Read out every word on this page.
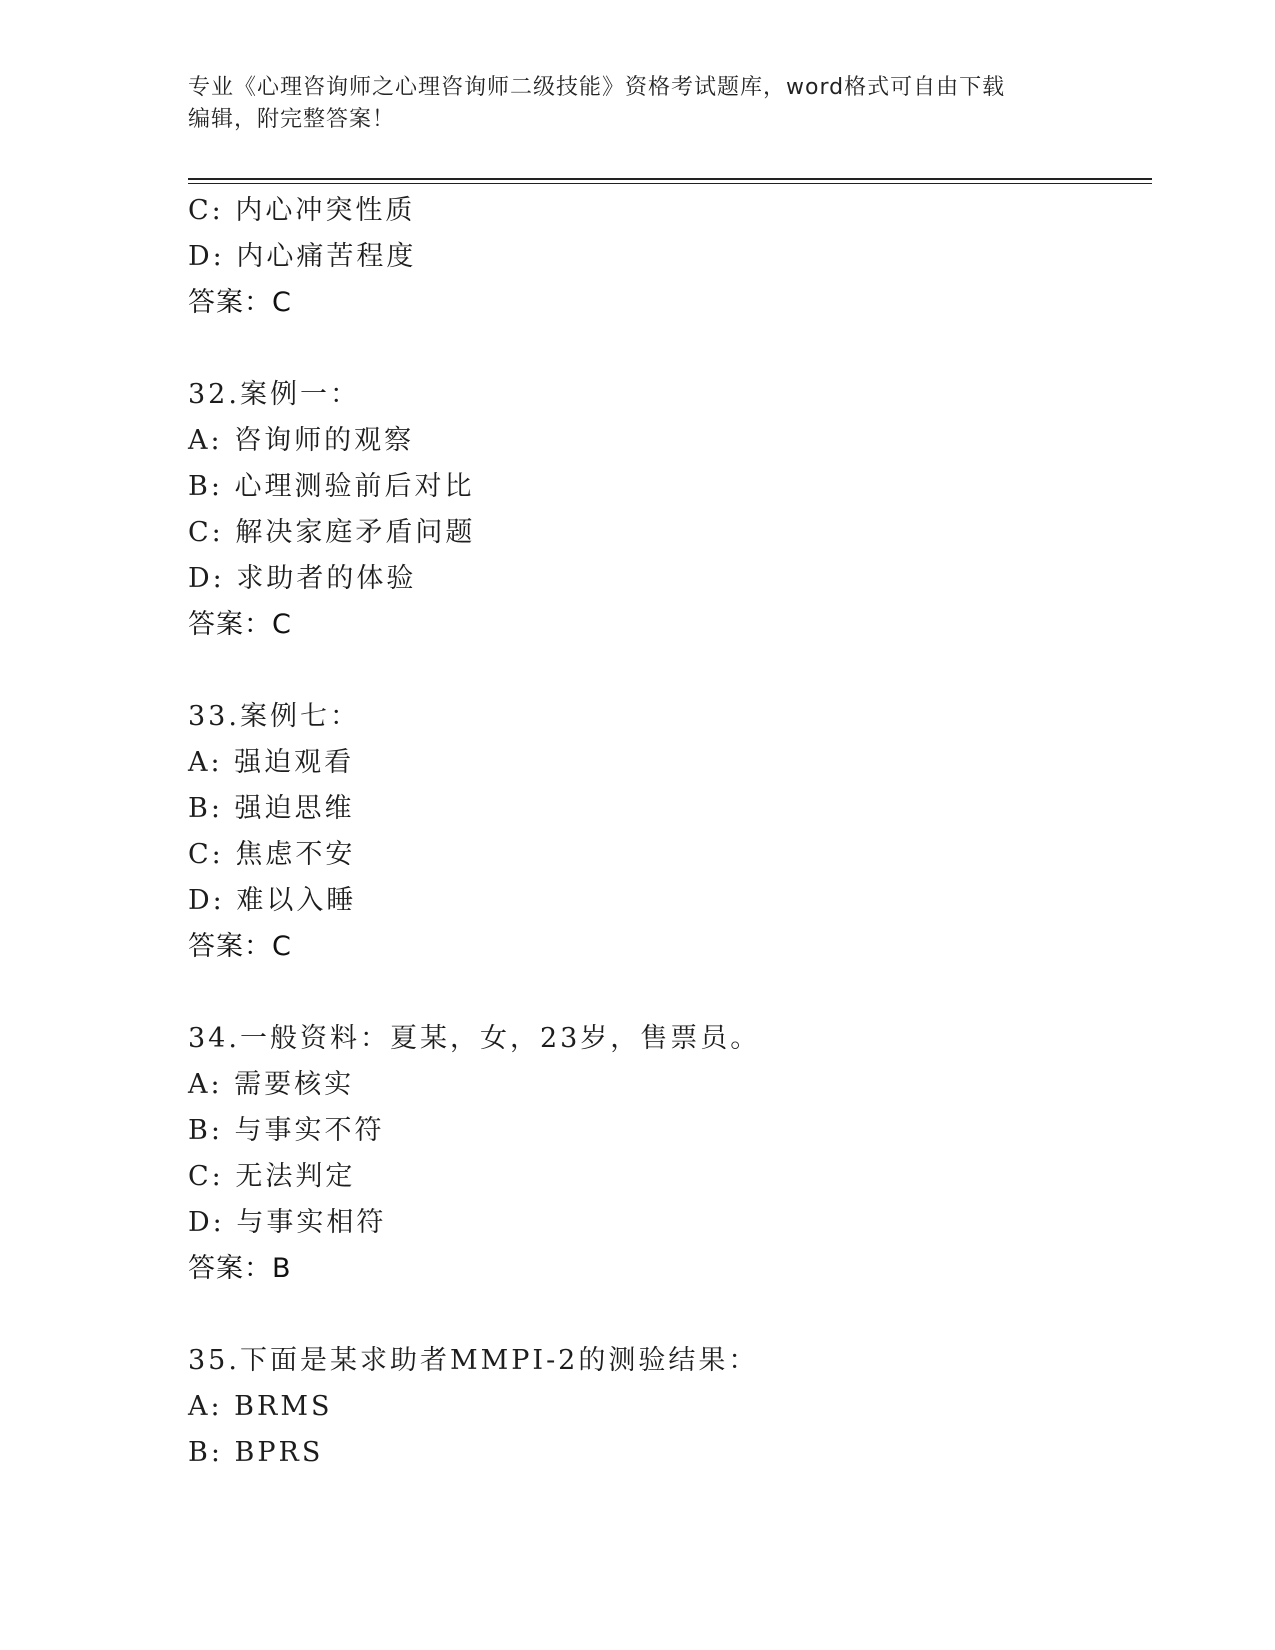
专业《心理咨询师之心理咨询师二级技能》资格考试题库，word格式可自由下载
编辑，附完整答案！
C: 内心冲突性质
D: 内心痛苦程度
答案：C
32.案例一：
A: 咨询师的观察
B: 心理测验前后对比
C: 解决家庭矛盾问题
D: 求助者的体验
答案：C
33.案例七：
A: 强迫观看
B: 强迫思维
C: 焦虑不安
D: 难以入睡
答案：C
34.一般资料：夏某，女，23岁，售票员。
A: 需要核实
B: 与事实不符
C: 无法判定
D: 与事实相符
答案：B
35.下面是某求助者MMPI-2的测验结果：
A: BRMS
B: BPRS
